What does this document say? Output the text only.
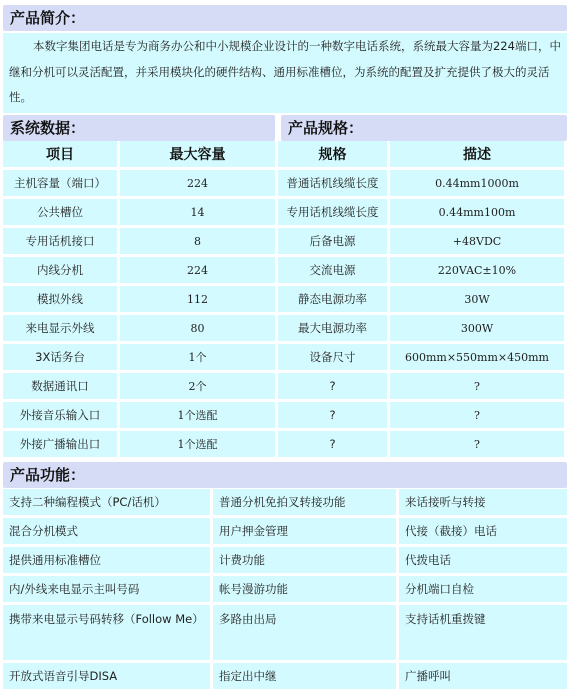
产品简介：

本数字集团电话是专为商务办公和中小规模企业设计的一种数字电话系统，系统最大容量为224端口，中继和分机可以灵活配置，并采用模块化的硬件结构、通用标准槽位，为系统的配置及扩充提供了极大的灵活性。

系统数据：	产品规格：
项目	最大容量	规格	描述
主机容量（端口）	224	普通话机线缆长度	0.44mm1000m
公共槽位	14	专用话机线缆长度	0.44mm100m
专用话机接口	8	后备电源	+48VDC
内线分机	224	交流电源	220VAC±10%
模拟外线	112	静态电源功率	30W
来电显示外线	80	最大电源功率	300W
3X话务台	1个	设备尺寸	600mm×550mm×450mm
数据通讯口	2个	?	?
外接音乐输入口	1个选配	?	?
外接广播输出口	1个选配	?	?
产品功能：
支持二种编程模式（PC/话机）	普通分机免拍叉转接功能	来话接听与转接
混合分机模式	用户押金管理	代接（截接）电话
提供通用标准槽位	计费功能	代拨电话
内/外线来电显示主叫号码	帐号漫游功能	分机端口自检
携带来电显示号码转移（Follow Me）	多路由出局	支持话机重拨键
开放式语音引导DISA	指定出中继	广播呼叫
